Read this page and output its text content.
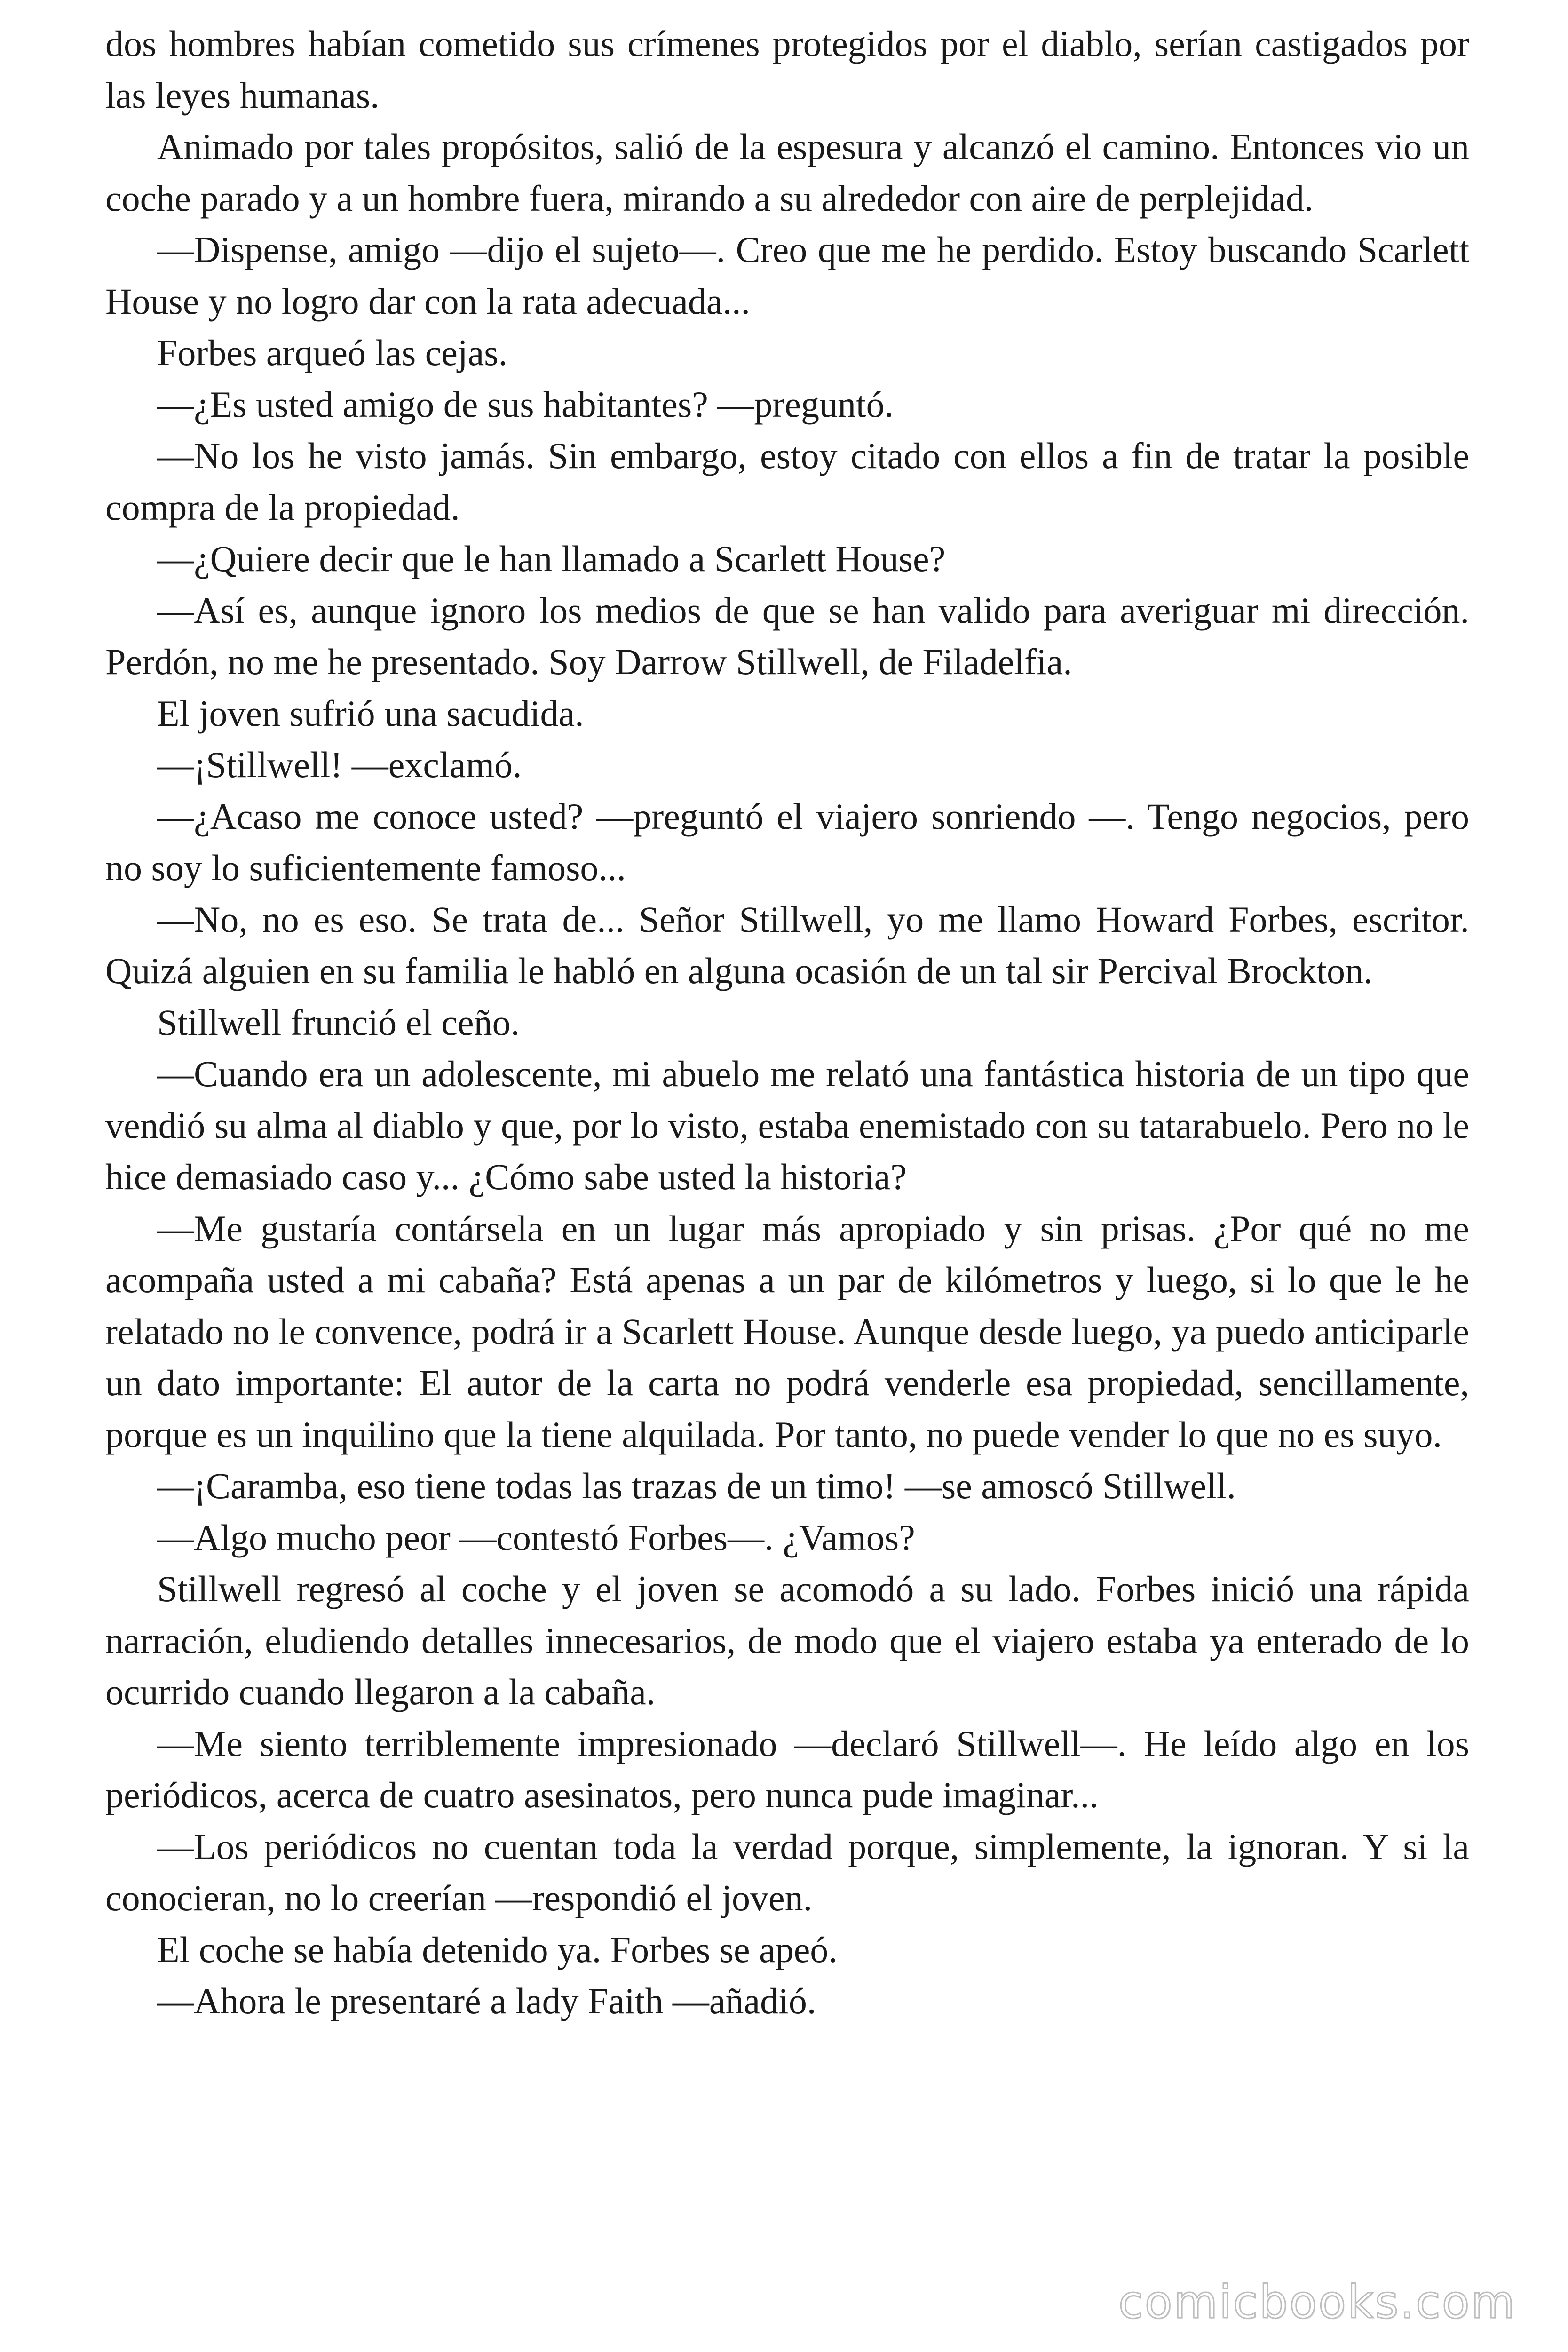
dos hombres habían cometido sus crímenes protegidos por el diablo, serían castigados por las leyes humanas.

Animado por tales propósitos, salió de la espesura y alcanzó el camino. Entonces vio un coche parado y a un hombre fuera, mirando a su alrededor con aire de perplejidad.

—Dispense, amigo —dijo el sujeto—. Creo que me he perdido. Estoy buscando Scarlett House y no logro dar con la rata adecuada...

Forbes arqueó las cejas.

—¿Es usted amigo de sus habitantes? —preguntó.

—No los he visto jamás. Sin embargo, estoy citado con ellos a fin de tratar la posible compra de la propiedad.

—¿Quiere decir que le han llamado a Scarlett House?

—Así es, aunque ignoro los medios de que se han valido para averiguar mi dirección. Perdón, no me he presentado. Soy Darrow Stillwell, de Filadelfia.

El joven sufrió una sacudida.

—¡Stillwell! —exclamó.

—¿Acaso me conoce usted? —preguntó el viajero sonriendo —. Tengo negocios, pero no soy lo suficientemente famoso...

—No, no es eso. Se trata de... Señor Stillwell, yo me llamo Howard Forbes, escritor. Quizá alguien en su familia le habló en alguna ocasión de un tal sir Percival Brockton.

Stillwell frunció el ceño.

—Cuando era un adolescente, mi abuelo me relató una fantástica historia de un tipo que vendió su alma al diablo y que, por lo visto, estaba enemistado con su tatarabuelo. Pero no le hice demasiado caso y... ¿Cómo sabe usted la historia?

—Me gustaría contársela en un lugar más apropiado y sin prisas. ¿Por qué no me acompaña usted a mi cabaña? Está apenas a un par de kilómetros y luego, si lo que le he relatado no le convence, podrá ir a Scarlett House. Aunque desde luego, ya puedo anticiparle un dato importante: El autor de la carta no podrá venderle esa propiedad, sencillamente, porque es un inquilino que la tiene alquilada. Por tanto, no puede vender lo que no es suyo.

—¡Caramba, eso tiene todas las trazas de un timo! —se amoscó Stillwell.

—Algo mucho peor —contestó Forbes—. ¿Vamos?

Stillwell regresó al coche y el joven se acomodó a su lado. Forbes inició una rápida narración, eludiendo detalles innecesarios, de modo que el viajero estaba ya enterado de lo ocurrido cuando llegaron a la cabaña.

—Me siento terriblemente impresionado —declaró Stillwell—. He leído algo en los periódicos, acerca de cuatro asesinatos, pero nunca pude imaginar...

—Los periódicos no cuentan toda la verdad porque, simplemente, la ignoran. Y si la conocieran, no lo creerían —respondió el joven.

El coche se había detenido ya. Forbes se apeó.

—Ahora le presentaré a lady Faith —añadió.

comicbooks.com
